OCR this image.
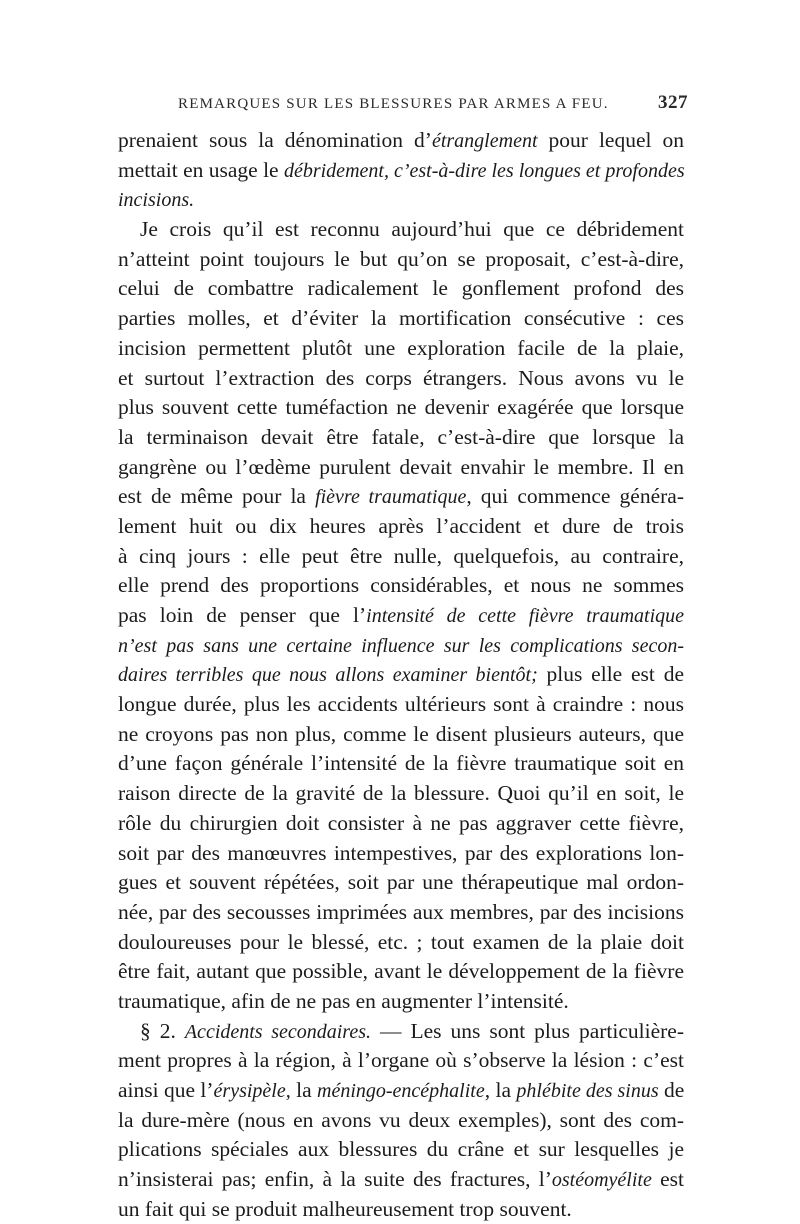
REMARQUES SUR LES BLESSURES PAR ARMES A FEU.	327
prenaient sous la dénomination d’étranglement pour lequel on
mettait en usage le débridement, c’est-à-dire les longues et profondes
incisions.
Je crois qu’il est reconnu aujourd’hui que ce débridement
n’atteint point toujours le but qu’on se proposait, c’est-à-dire,
celui de combattre radicalement le gonflement profond des
parties molles, et d’éviter la mortification consécutive : ces
incision permettent plutôt une exploration facile de la plaie,
et surtout l’extraction des corps étrangers. Nous avons vu le
plus souvent cette tuméfaction ne devenir exagérée que lorsque
la terminaison devait être fatale, c’est-à-dire que lorsque la
gangrène ou l’œdème purulent devait envahir le membre. Il en
est de même pour la fièvre traumatique, qui commence généra-
lement huit ou dix heures après l’accident et dure de trois
à cinq jours : elle peut être nulle, quelquefois, au contraire,
elle prend des proportions considérables, et nous ne sommes
pas loin de penser que l’intensité de cette fièvre traumatique
n’est pas sans une certaine influence sur les complications secon-
daires terribles que nous allons examiner bientôt; plus elle est de
longue durée, plus les accidents ultérieurs sont à craindre : nous
ne croyons pas non plus, comme le disent plusieurs auteurs, que
d’une façon générale l’intensité de la fièvre traumatique soit en
raison directe de la gravité de la blessure. Quoi qu’il en soit, le
rôle du chirurgien doit consister à ne pas aggraver cette fièvre,
soit par des manœuvres intempestives, par des explorations lon-
gues et souvent répétées, soit par une thérapeutique mal ordon-
née, par des secousses imprimées aux membres, par des incisions
douloureuses pour le blessé, etc. ; tout examen de la plaie doit
être fait, autant que possible, avant le développement de la fièvre
traumatique, afin de ne pas en augmenter l’intensité.
§ 2. Accidents secondaires. — Les uns sont plus particulière-
ment propres à la région, à l’organe où s’observe la lésion : c’est
ainsi que l’érysipèle, la méningo-encéphalite, la phlébite des sinus de
la dure-mère (nous en avons vu deux exemples), sont des com-
plications spéciales aux blessures du crâne et sur lesquelles je
n’insisterai pas; enfin, à la suite des fractures, l’ostéomyélite est
un fait qui se produit malheureusement trop souvent.
